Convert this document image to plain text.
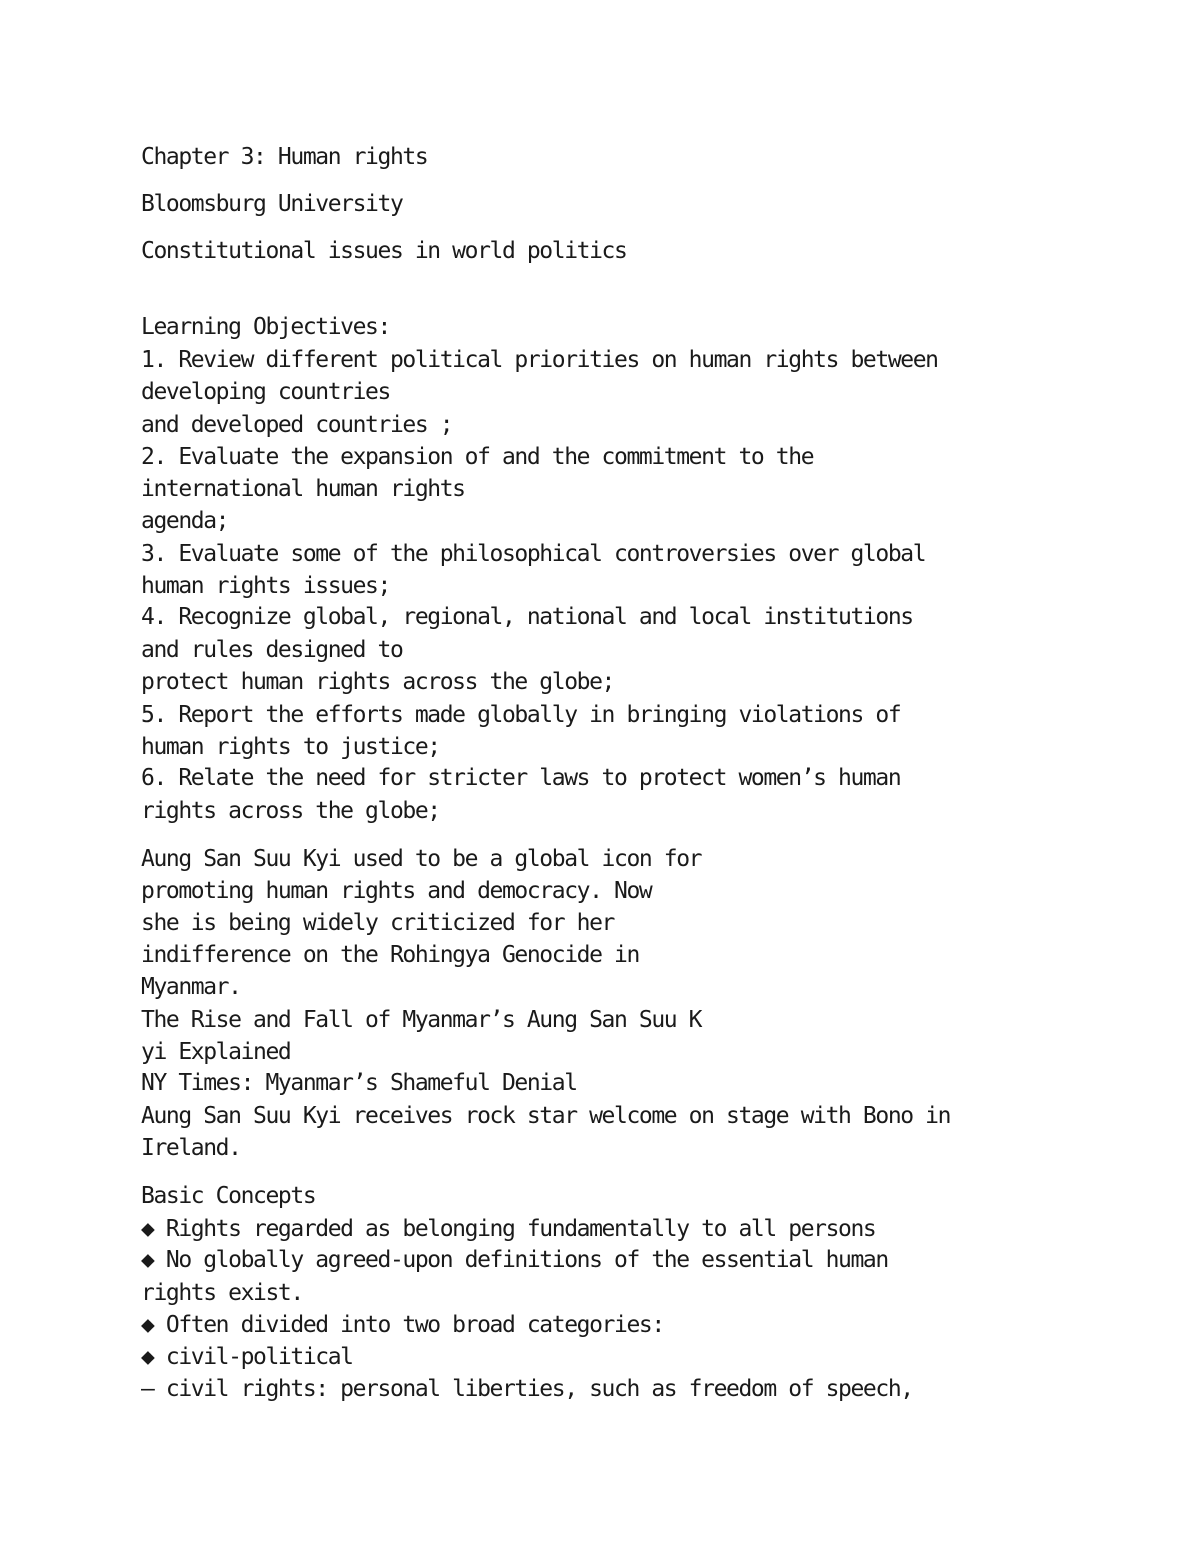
Chapter 3: Human rights

Bloomsburg University

Constitutional issues in world politics

Learning Objectives:

1. Review different political priorities on human rights between

developing countries

and developed countries ;

2. Evaluate the expansion of and the commitment to the

international human rights

agenda;

3. Evaluate some of the philosophical controversies over global

human rights issues;

4. Recognize global, regional, national and local institutions

and rules designed to

protect human rights across the globe;

5. Report the efforts made globally in bringing violations of

human rights to justice;

6. Relate the need for stricter laws to protect women’s human

rights across the globe;

Aung San Suu Kyi used to be a global icon for

promoting human rights and democracy. Now

she is being widely criticized for her

indifference on the Rohingya Genocide in

Myanmar.

The Rise and Fall of Myanmar’s Aung San Suu K

yi Explained

NY Times: Myanmar’s Shameful Denial

Aung San Suu Kyi receives rock star welcome on stage with Bono in

Ireland.

Basic Concepts

◆ Rights regarded as belonging fundamentally to all persons

◆ No globally agreed-upon definitions of the essential human

rights exist.

◆ Often divided into two broad categories:

◆ civil-political

– civil rights: personal liberties, such as freedom of speech,
